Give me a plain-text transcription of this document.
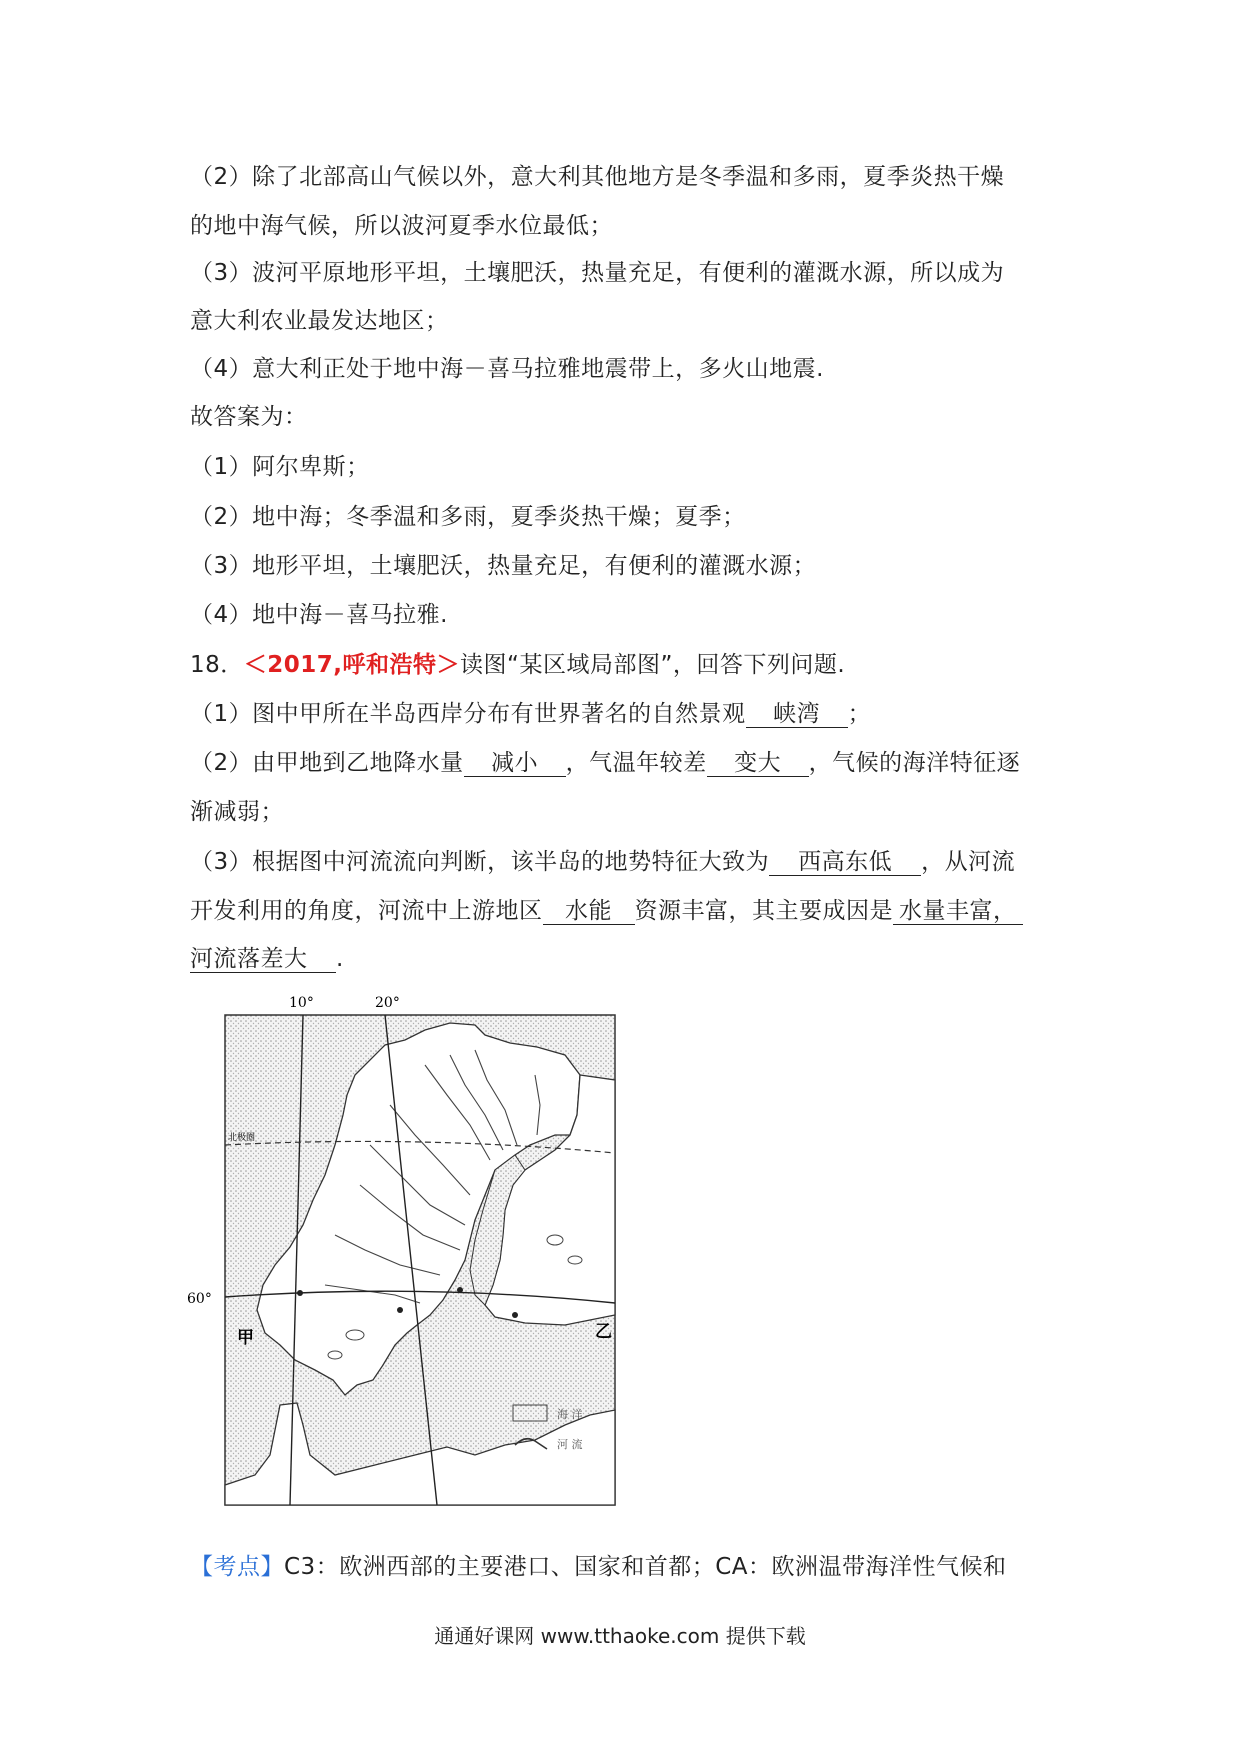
（2）除了北部高山气候以外，意大利其他地方是冬季温和多雨，夏季炎热干燥
的地中海气候，所以波河夏季水位最低；
（3）波河平原地形平坦，土壤肥沃，热量充足，有便利的灌溉水源，所以成为
意大利农业最发达地区；
（4）意大利正处于地中海－喜马拉雅地震带上，多火山地震.
故答案为：
（1）阿尔卑斯；
（2）地中海；冬季温和多雨，夏季炎热干燥；夏季；
（3）地形平坦，土壤肥沃，热量充足，有便利的灌溉水源；
（4）地中海－喜马拉雅.
18．＜2017,呼和浩特＞读图“某区域局部图”，回答下列问题.
（1）图中甲所在半岛西岸分布有世界著名的自然景观 峡湾 ；
（2）由甲地到乙地降水量 减小 ，气温年较差 变大 ，气候的海洋特征逐
渐减弱；
（3）根据图中河流流向判断，该半岛的地势特征大致为 西高东低 ，从河流
开发利用的角度，河流中上游地区 水能 资源丰富，其主要成因是 水量丰富，
河流落差大 .
10°	20°
60°
北极圈
甲	乙
海 洋
河 流
【考点】C3：欧洲西部的主要港口、国家和首都；CA：欧洲温带海洋性气候和
通通好课网 www.tthaoke.com 提供下载
